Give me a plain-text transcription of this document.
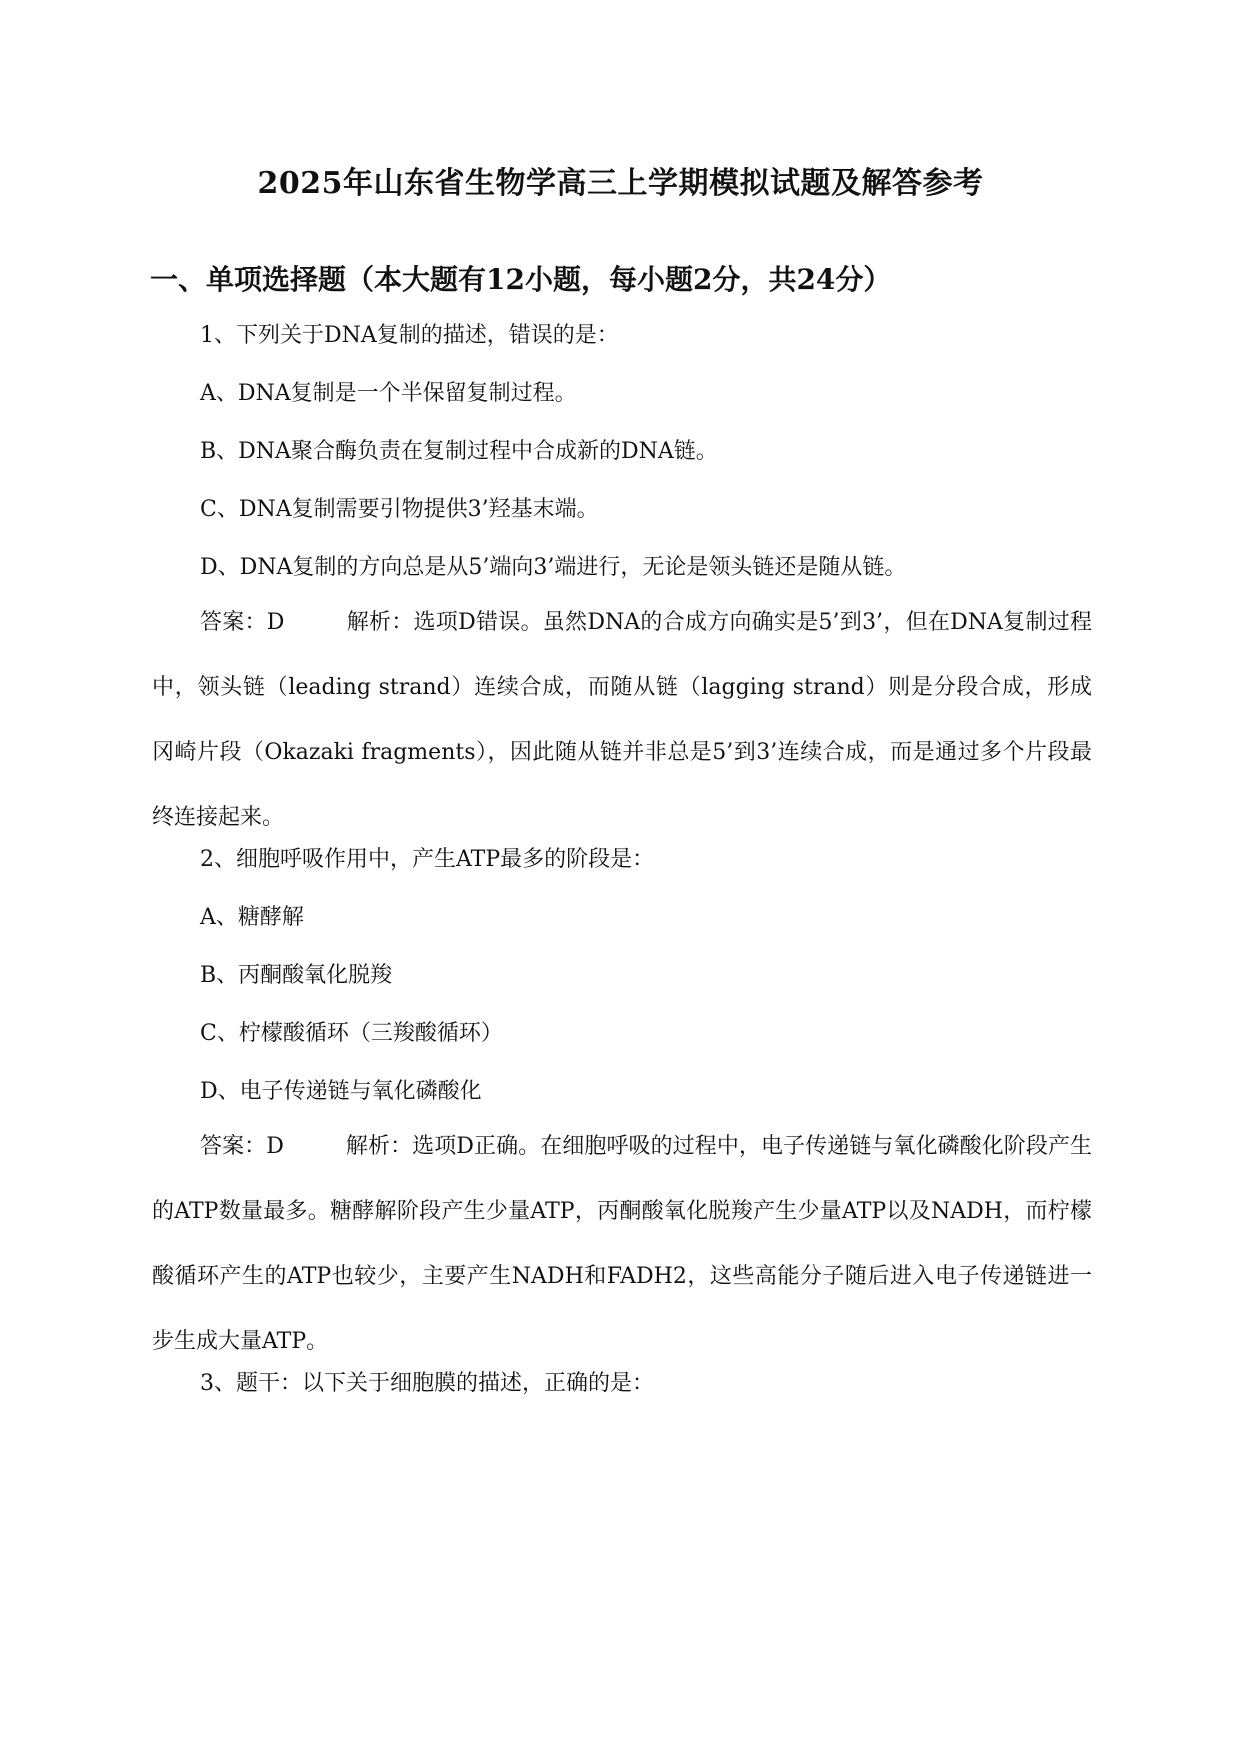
2025年山东省生物学高三上学期模拟试题及解答参考
一、单项选择题（本大题有12小题，每小题2分，共24分）
1、下列关于DNA复制的描述，错误的是：
A、DNA复制是一个半保留复制过程。
B、DNA聚合酶负责在复制过程中合成新的DNA链。
C、DNA复制需要引物提供3’羟基末端。
D、DNA复制的方向总是从5’端向3’端进行，无论是领头链还是随从链。
答案：D	解析：选项D错误。虽然DNA的合成方向确实是5’到3’，但在DNA复制过程中，领头链（leading strand）连续合成，而随从链（lagging strand）则是分段合成，形成冈崎片段（Okazaki fragments），因此随从链并非总是5’到3’连续合成，而是通过多个片段最终连接起来。
2、细胞呼吸作用中，产生ATP最多的阶段是：
A、糖酵解
B、丙酮酸氧化脱羧
C、柠檬酸循环（三羧酸循环）
D、电子传递链与氧化磷酸化
答案：D	解析：选项D正确。在细胞呼吸的过程中，电子传递链与氧化磷酸化阶段产生的ATP数量最多。糖酵解阶段产生少量ATP，丙酮酸氧化脱羧产生少量ATP以及NADH，而柠檬酸循环产生的ATP也较少，主要产生NADH和FADH2，这些高能分子随后进入电子传递链进一步生成大量ATP。
3、题干：以下关于细胞膜的描述，正确的是：
